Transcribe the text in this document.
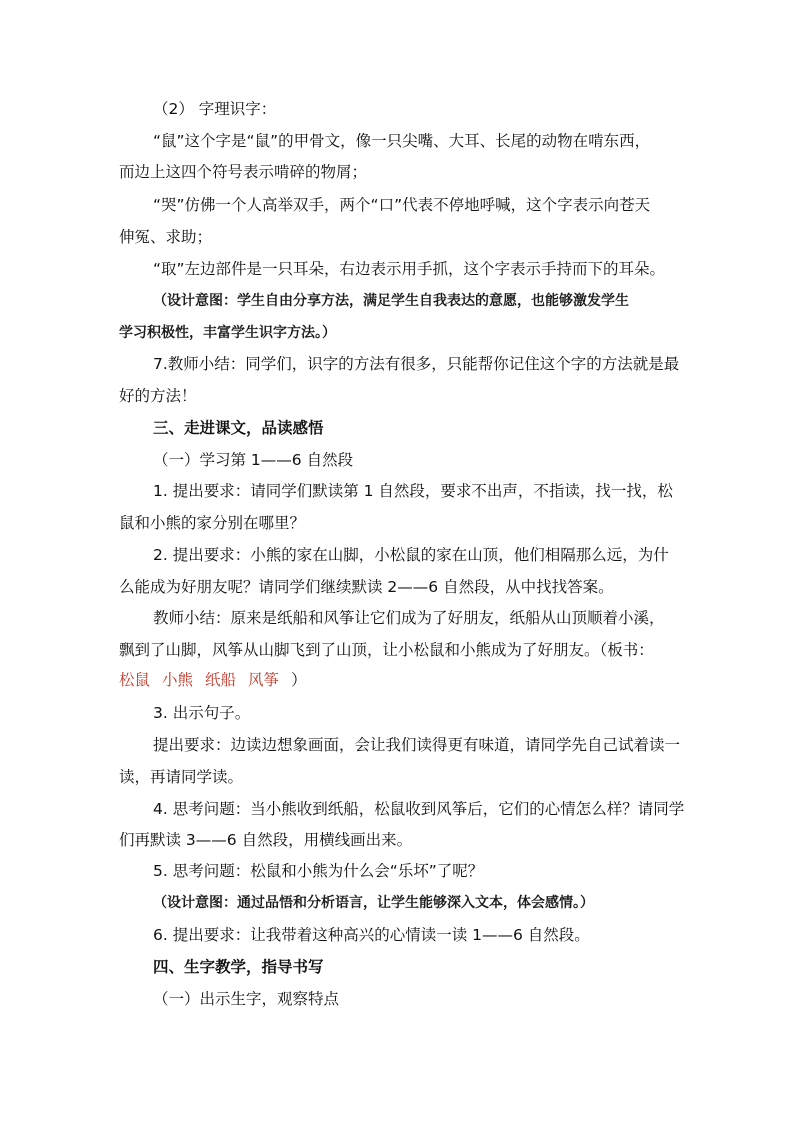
（2） 字理识字：
“鼠”这个字是“鼠”的甲骨文，像一只尖嘴、大耳、长尾的动物在啃东西，
而边上这四个符号表示啃碎的物屑；
“哭”仿佛一个人高举双手，两个“口”代表不停地呼喊，这个字表示向苍天
伸冤、求助；
“取”左边部件是一只耳朵，右边表示用手抓，这个字表示手持而下的耳朵。
（设计意图：学生自由分享方法，满足学生自我表达的意愿，也能够激发学生
学习积极性，丰富学生识字方法。）
7.教师小结：同学们，识字的方法有很多，只能帮你记住这个字的方法就是最
好的方法！
三、走进课文，品读感悟
（一）学习第 1——6 自然段
1. 提出要求：请同学们默读第 1 自然段，要求不出声，不指读，找一找，松
鼠和小熊的家分别在哪里？
2. 提出要求：小熊的家在山脚，小松鼠的家在山顶，他们相隔那么远，为什
么能成为好朋友呢？请同学们继续默读 2——6 自然段，从中找找答案。
教师小结：原来是纸船和风筝让它们成为了好朋友，纸船从山顶顺着小溪，
飘到了山脚，风筝从山脚飞到了山顶，让小松鼠和小熊成为了好朋友。（板书：
松鼠 小熊 纸船 风筝 ）
3. 出示句子。
提出要求：边读边想象画面，会让我们读得更有味道，请同学先自己试着读一
读，再请同学读。
4. 思考问题：当小熊收到纸船，松鼠收到风筝后，它们的心情怎么样？请同学
们再默读 3——6 自然段，用横线画出来。
5. 思考问题：松鼠和小熊为什么会“乐坏”了呢？
（设计意图：通过品悟和分析语言，让学生能够深入文本，体会感情。）
6. 提出要求：让我带着这种高兴的心情读一读 1——6 自然段。
四、生字教学，指导书写
（一）出示生字，观察特点
